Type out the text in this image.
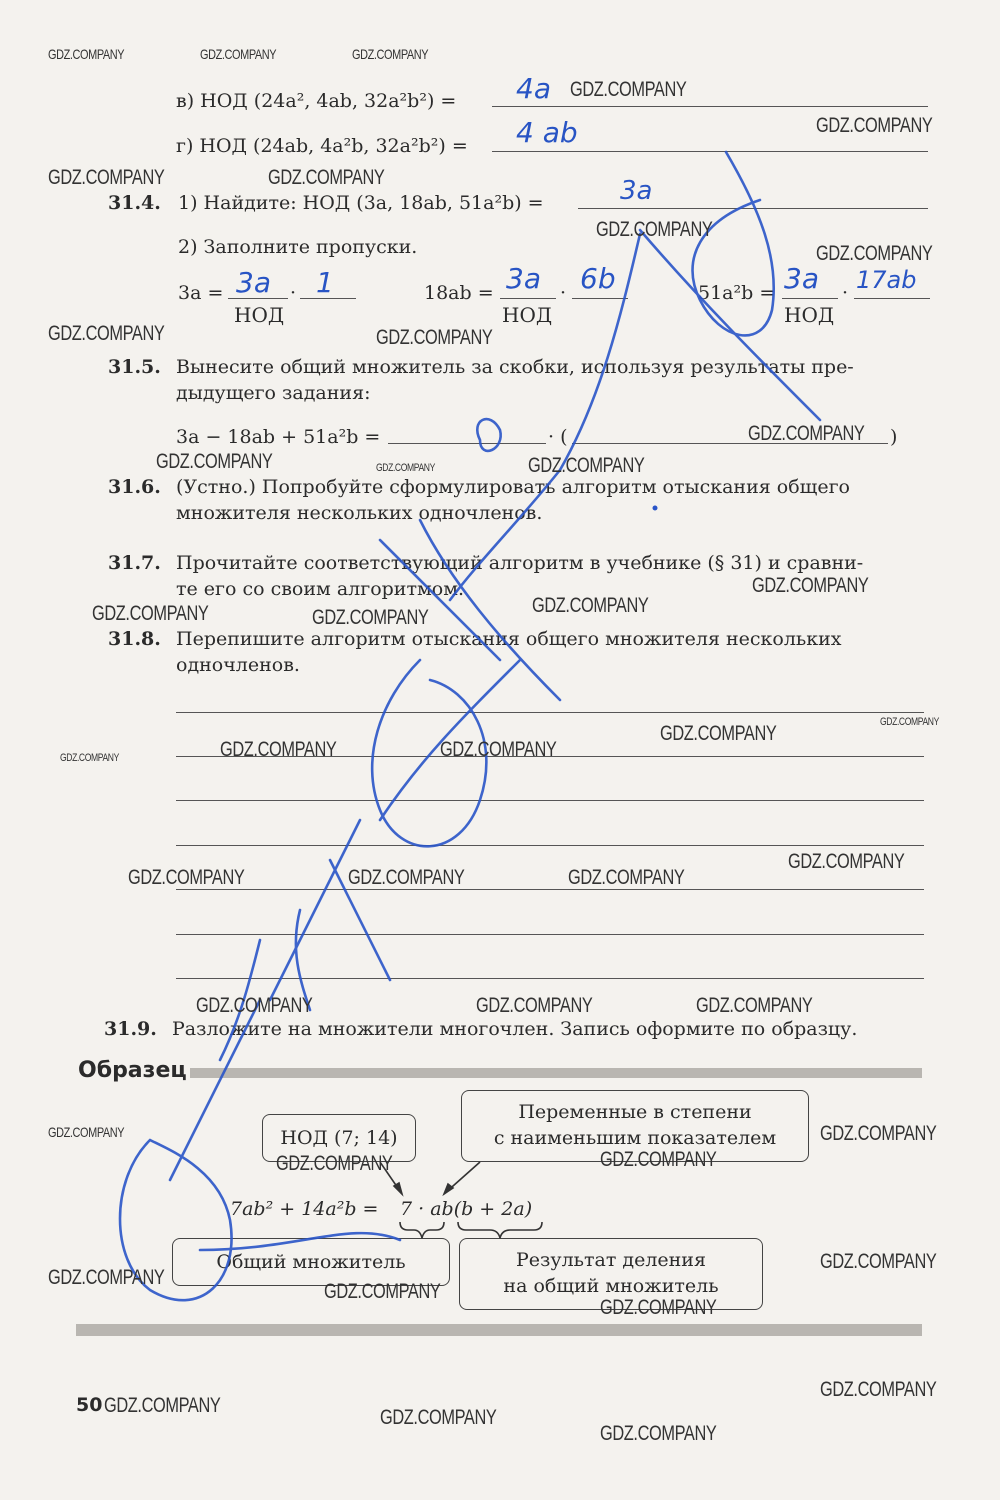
в) НОД (24a², 4ab, 32a²b²) = 4a
г) НОД (24ab, 4a²b, 32a²b²) = 4 ab
31.4. 1) Найдите: НОД (3a, 18ab, 51a²b) =	3a
2) Заполните пропуски.
3a =	·
3a 1
НОД
18ab =	·
3a 6b
НОД
51a²b =	·
3a 17ab
НОД
31.5. Вынесите общий множитель за скобки, используя результаты пре-
дыдущего задания:
3a − 18ab + 51a²b =	· (	)
31.6. (Устно.) Попробуйте сформулировать алгоритм отыскания общего
множителя нескольких одночленов.
31.7. Прочитайте соответствующий алгоритм в учебнике (§ 31) и сравни-
те его со своим алгоритмом.
31.8. Перепишите алгоритм отыскания общего множителя нескольких
одночленов.
31.9. Разложите на множители многочлен. Запись оформите по образцу.
Образец
НОД (7; 14)
Переменные в степени
с наименьшим показателем
7ab² + 14a²b = 7 · ab(b + 2a)
Общий множитель	Результат деления
на общий множитель
50
GDZ.COMPANY	GDZ.COMPANY	GDZ.COMPANY
GDZ.COMPANY
GDZ.COMPANY
GDZ.COMPANY	GDZ.COMPANY
GDZ.COMPANY
GDZ.COMPANY
GDZ.COMPANY	GDZ.COMPANY
GDZ.COMPANY
GDZ.COMPANY	GDZ.COMPANY	GDZ.COMPANY
GDZ.COMPANY
GDZ.COMPANY	GDZ.COMPANY
GDZ.COMPANY
GDZ.COMPANY
GDZ.COMPANY
GDZ.COMPANY	GDZ.COMPANY	GDZ.COMPANY
GDZ.COMPANY
GDZ.COMPANY	GDZ.COMPANY	GDZ.COMPANY
GDZ.COMPANY	GDZ.COMPANY	GDZ.COMPANY
GDZ.COMPANY	GDZ.COMPANY
GDZ.COMPANY	GDZ.COMPANY
GDZ.COMPANY
GDZ.COMPANY
GDZ.COMPANY
GDZ.COMPANY
GDZ.COMPANY
GDZ.COMPANY
GDZ.COMPANY
GDZ.COMPANY
